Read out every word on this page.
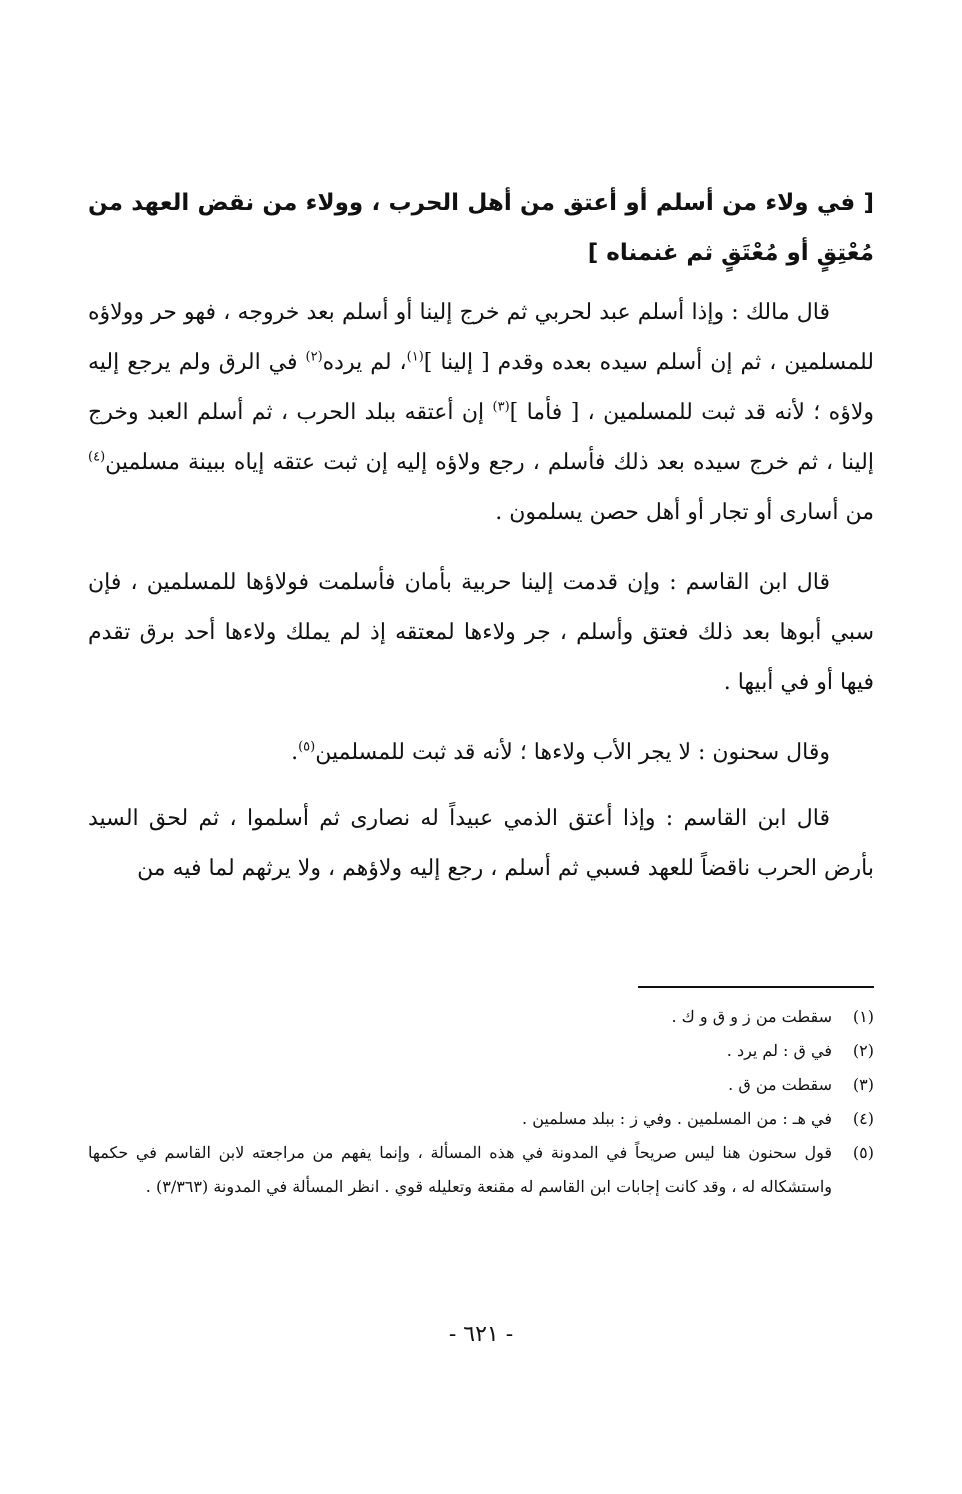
[ في ولاء من أسلم أو أعتق من أهل الحرب ، وولاء من نقض العهد من مُعْتِقٍ أو مُعْتَقٍ ثم غنمناه ]

قال مالك : وإذا أسلم عبد لحربي ثم خرج إلينا أو أسلم بعد خروجه ، فهو حر وولاؤه للمسلمين ، ثم إن أسلم سيده بعده وقدم [ إلينا ]$^{(١)}$، لم يرده$^{(٢)}$ في الرق ولم يرجع إليه ولاؤه ؛ لأنه قد ثبت للمسلمين ، [ فأما ]$^{(٣)}$ إن أعتقه ببلد الحرب ، ثم أسلم العبد وخرج إلينا ، ثم خرج سيده بعد ذلك فأسلم ، رجع ولاؤه إليه إن ثبت عتقه إياه ببينة مسلمين$^{(٤)}$ من أسارى أو تجار أو أهل حصن يسلمون .

قال ابن القاسم : وإن قدمت إلينا حربية بأمان فأسلمت فولاؤها للمسلمين ، فإن سبي أبوها بعد ذلك فعتق وأسلم ، جر ولاءها لمعتقه إذ لم يملك ولاءها أحد برق تقدم فيها أو في أبيها .

وقال سحنون : لا يجر الأب ولاءها ؛ لأنه قد ثبت للمسلمين$^{(٥)}$.

قال ابن القاسم : وإذا أعتق الذمي عبيداً له نصارى ثم أسلموا ، ثم لحق السيد بأرض الحرب ناقضاً للعهد فسبي ثم أسلم ، رجع إليه ولاؤهم ، ولا يرثهم لما فيه من

(١)
سقطت من ز و ق و ك .
(٢)
في ق : لم يرد .
(٣)
سقطت من ق .
(٤)
في هـ : من المسلمين . وفي ز : ببلد مسلمين .
(٥)
قول سحنون هنا ليس صريحاً في المدونة في هذه المسألة ، وإنما يفهم من مراجعته لابن القاسم في حكمها واستشكاله له ، وقد كانت إجابات ابن القاسم له مقنعة وتعليله قوي . انظر المسألة في المدونة (٣/٣٦٣) .
- ٦٢١ -
